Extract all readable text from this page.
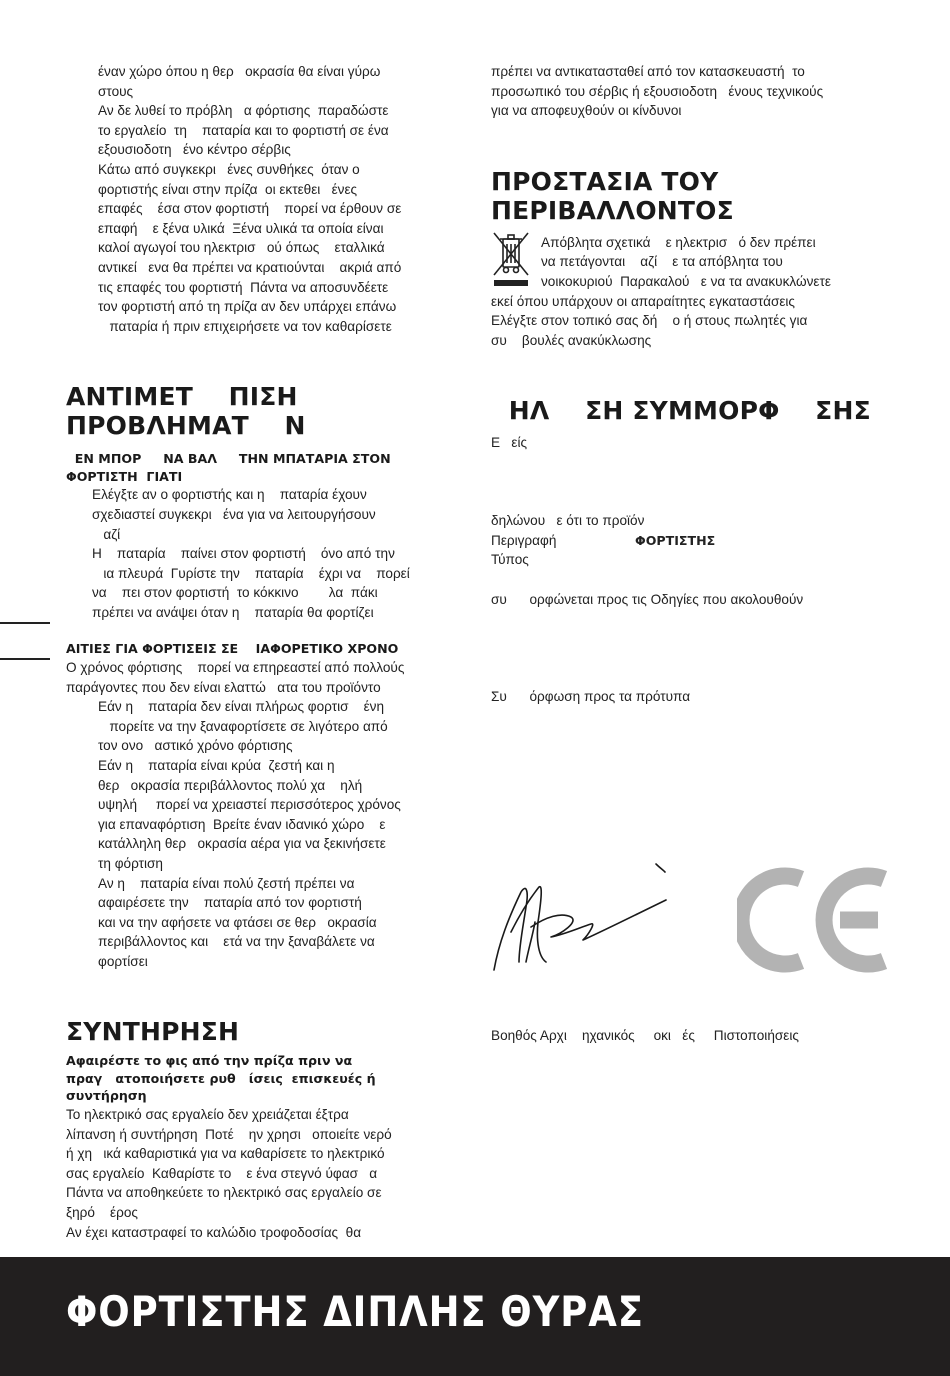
έναν χώρο όπου η θερ   οκρασία θα είναι γύρω

στους

Αν δε λυθεί το πρόβλη   α φόρτισης  παραδώστε

το εργαλείο  τη    παταρία και το φορτιστή σε ένα

εξουσιοδοτη   ένο κέντρο σέρβις

Κάτω από συγκεκρι   ένες συνθήκες  όταν ο

φορτιστής είναι στην πρίζα  οι εκτεθει   ένες

επαφές    έσα στον φορτιστή    πορεί να έρθουν σε

επαφή    ε ξένα υλικά  Ξένα υλικά τα οποία είναι

καλοί αγωγοί του ηλεκτρισ   ού όπως    εταλλικά

αντικεί   ενα θα πρέπει να κρατιούνται    ακριά από

τις επαφές του φορτιστή  Πάντα να αποσυνδέετε

τον φορτιστή από τη πρίζα αν δεν υπάρχει επάνω

παταρία ή πριν επιχειρήσετε να τον καθαρίσετε

ΑΝΤΙΜΕΤ    ΠΙΣΗ
ΠΡΟΒΛΗΜΑΤ    Ν
ΕΝ ΜΠΟΡ     ΝΑ ΒΑΛ     ΤΗΝ ΜΠΑΤΑΡΙΑ ΣΤΟΝ
ΦΟΡΤΙΣΤΗ  ΓΙΑΤΙ

Ελέγξτε αν ο φορτιστής και η    παταρία έχουν

σχεδιαστεί συγκεκρι   ένα για να λειτουργήσουν

αζί

Η    παταρία    παίνει στον φορτιστή    όνο από την

ια πλευρά  Γυρίστε την    παταρία    έχρι να    πορεί

να    πει στον φορτιστή  το κόκκινο        λα  πάκι

πρέπει να ανάψει όταν η    παταρία θα φορτίζει

ΑΙΤΙΕΣ ΓΙΑ ΦΟΡΤΙΣΕΙΣ ΣΕ    ΙΑΦΟΡΕΤΙΚΟ ΧΡΟΝΟ

Ο χρόνος φόρτισης    πορεί να επηρεαστεί από πολλούς

παράγοντες που δεν είναι ελαττώ   ατα του προϊόντο

Εάν η    παταρία δεν είναι πλήρως φορτισ    ένη

πορείτε να την ξαναφορτίσετε σε λιγότερο από

τον ονο   αστικό χρόνο φόρτισης

Εάν η    παταρία είναι κρύα  ζεστή και η

θερ   οκρασία περιβάλλοντος πολύ χα    ηλή

υψηλή     πορεί να χρειαστεί περισσότερος χρόνος

για επαναφόρτιση  Βρείτε έναν ιδανικό χώρο    ε

κατάλληλη θερ   οκρασία αέρα για να ξεκινήσετε

τη φόρτιση

Αν η    παταρία είναι πολύ ζεστή πρέπει να

αφαιρέσετε την    παταρία από τον φορτιστή

και να την αφήσετε να φτάσει σε θερ   οκρασία

περιβάλλοντος και    ετά να την ξαναβάλετε να

φορτίσει

ΣΥΝΤΗΡΗΣΗ
Αφαιρέστε το φις από την πρίζα πριν να
πραγ   ατοποιήσετε ρυθ   ίσεις  επισκευές ή
συντήρηση

Το ηλεκτρικό σας εργαλείο δεν χρειάζεται έξτρα

λίπανση ή συντήρηση  Ποτέ    ην χρησι   οποιείτε νερό

ή χη   ικά καθαριστικά για να καθαρίσετε το ηλεκτρικό

σας εργαλείο  Καθαρίστε το    ε ένα στεγνό ύφασ   α

Πάντα να αποθηκεύετε το ηλεκτρικό σας εργαλείο σε

ξηρό    έρος

Αν έχει καταστραφεί το καλώδιο τροφοδοσίας  θα

πρέπει να αντικατασταθεί από τον κατασκευαστή  το

προσωπικό του σέρβις ή εξουσιοδοτη   ένους τεχνικούς

για να αποφευχθούν οι κίνδυνοι

ΠΡΟΣΤΑΣΙΑ ΤΟΥ
ΠΕΡΙΒΑΛΛΟΝΤΟΣ

Απόβλητα σχετικά    ε ηλεκτρισ   ό δεν πρέπει

να πετάγονται    αζί    ε τα απόβλητα του

νοικοκυριού  Παρακαλού   ε να τα ανακυκλώνετε

εκεί όπου υπάρχουν οι απαραίτητες εγκαταστάσεις

Ελέγξτε στον τοπικό σας δή    ο ή στους πωλητές για

συ    βουλές ανακύκλωσης

ΗΛ    ΣΗ ΣΥΜΜΟΡΦ    ΣΗΣ

Ε   είς

δηλώνου   ε ότι το προϊόν

Περιγραφή	ΦΟΡΤΙΣΤΗΣ

Τύπος

συ      ορφώνεται προς τις Οδηγίες που ακολουθούν

Συ      όρφωση προς τα πρότυπα

Βοηθός Αρχι    ηχανικός     οκι   ές     Πιστοποιήσεις

ΦΟΡΤΙΣΤΗΣ ΔΙΠΛΗΣ ΘΥΡΑΣ
